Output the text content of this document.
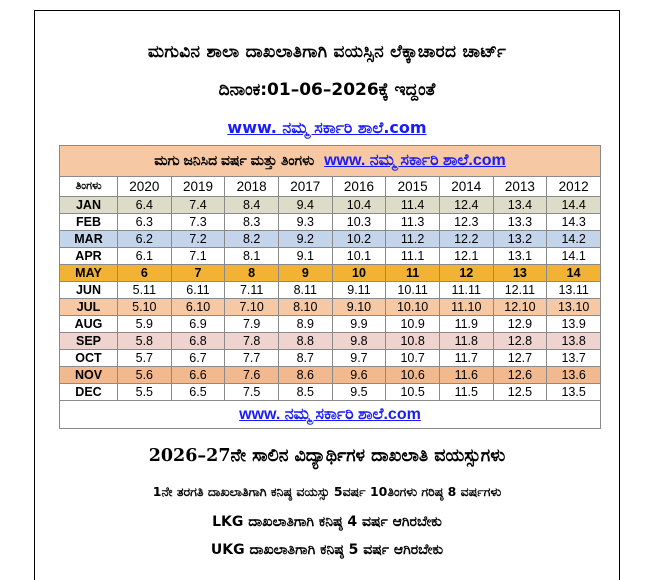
ಮಗುವಿನ ಶಾಲಾ ದಾಖಲಾತಿಗಾಗಿ ವಯಸ್ಸಿನ ಲೆಕ್ಕಾಚಾರದ ಚಾರ್ಟ್
ದಿನಾಂಕ:01–06–2026ಕ್ಕೆ ಇದ್ದಂತೆ
www. ನಮ್ಮ ಸರ್ಕಾರಿ ಶಾಲೆ.com
ಮಗು ಜನಿಸಿದ ವರ್ಷ ಮತ್ತು ತಿಂಗಳು www. ನಮ್ಮ ಸರ್ಕಾರಿ ಶಾಲೆ.com									
ತಿಂಗಳು	2020	2019	2018	2017	2016	2015	2014	2013	2012
JAN	6.4	7.4	8.4	9.4	10.4	11.4	12.4	13.4	14.4
FEB	6.3	7.3	8.3	9.3	10.3	11.3	12.3	13.3	14.3
MAR	6.2	7.2	8.2	9.2	10.2	11.2	12.2	13.2	14.2
APR	6.1	7.1	8.1	9.1	10.1	11.1	12.1	13.1	14.1
MAY	6	7	8	9	10	11	12	13	14
JUN	5.11	6.11	7.11	8.11	9.11	10.11	11.11	12.11	13.11
JUL	5.10	6.10	7.10	8.10	9.10	10.10	11.10	12.10	13.10
AUG	5.9	6.9	7.9	8.9	9.9	10.9	11.9	12.9	13.9
SEP	5.8	6.8	7.8	8.8	9.8	10.8	11.8	12.8	13.8
OCT	5.7	6.7	7.7	8.7	9.7	10.7	11.7	12.7	13.7
NOV	5.6	6.6	7.6	8.6	9.6	10.6	11.6	12.6	13.6
DEC	5.5	6.5	7.5	8.5	9.5	10.5	11.5	12.5	13.5
www. ನಮ್ಮ ಸರ್ಕಾರಿ ಶಾಲೆ.com									
2026–27ನೇ ಸಾಲಿನ ವಿದ್ಯಾರ್ಥಿಗಳ ದಾಖಲಾತಿ ವಯಸ್ಸುಗಳು
1ನೇ ತರಗತಿ ದಾಖಲಾತಿಗಾಗಿ ಕನಿಷ್ಠ ವಯಸ್ಸು 5ವರ್ಷ 10ತಿಂಗಳು ಗರಿಷ್ಠ 8 ವರ್ಷಗಳು
LKG ದಾಖಲಾತಿಗಾಗಿ ಕನಿಷ್ಠ 4 ವರ್ಷ ಆಗಿರಬೇಕು
UKG ದಾಖಲಾತಿಗಾಗಿ ಕನಿಷ್ಠ 5 ವರ್ಷ ಆಗಿರಬೇಕು
